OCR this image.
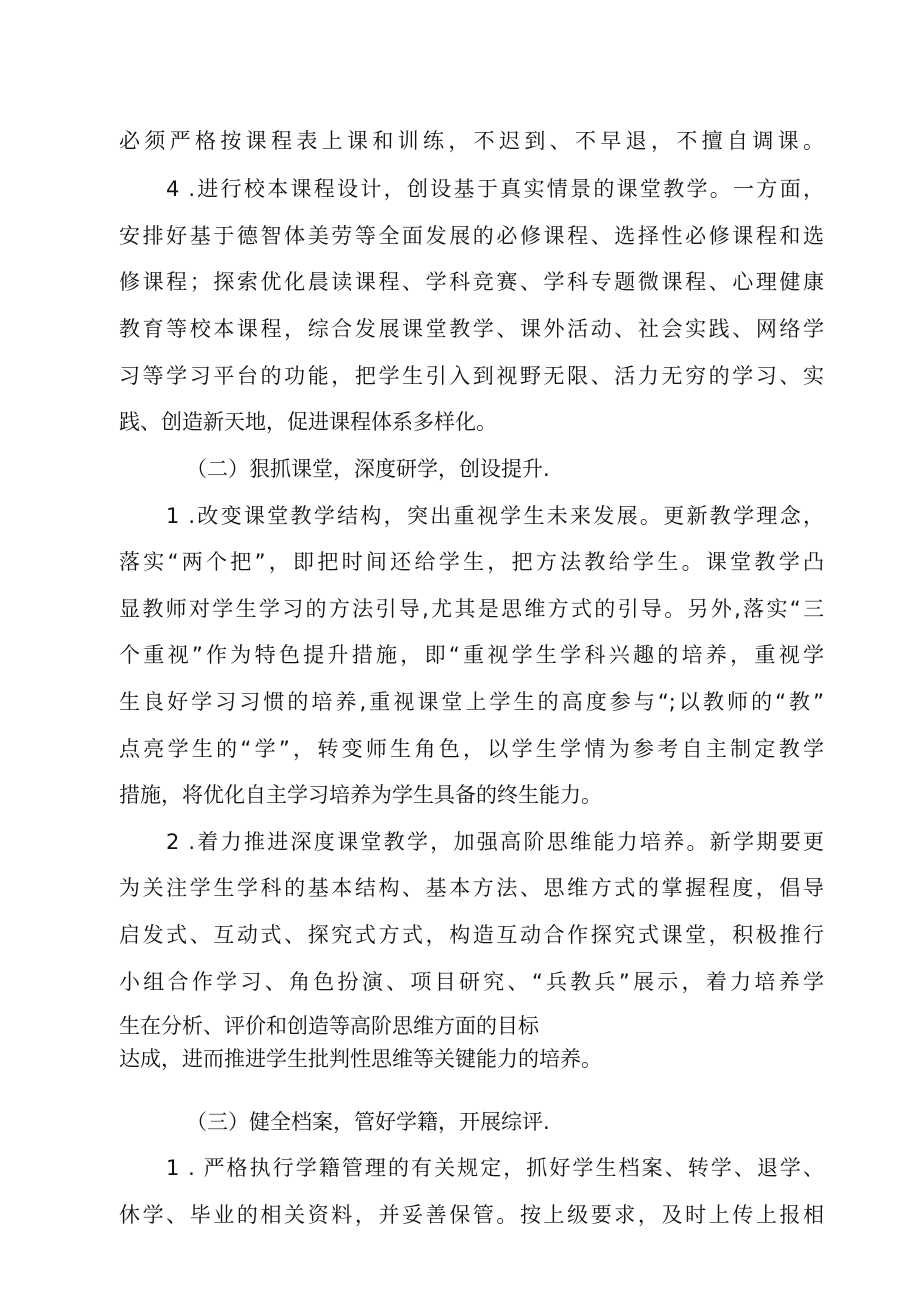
必须严格按课程表上课和训练，不迟到、不早退，不擅自调课。
4 .进行校本课程设计，创设基于真实情景的课堂教学。一方面，
安排好基于德智体美劳等全面发展的必修课程、选择性必修课程和选
修课程；探索优化晨读课程、学科竞赛、学科专题微课程、心理健康
教育等校本课程，综合发展课堂教学、课外活动、社会实践、网络学
习等学习平台的功能，把学生引入到视野无限、活力无穷的学习、实
践、创造新天地，促进课程体系多样化。
（二）狠抓课堂，深度研学，创设提升.
1 .改变课堂教学结构，突出重视学生未来发展。更新教学理念，
落实“两个把”，即把时间还给学生，把方法教给学生。课堂教学凸
显教师对学生学习的方法引导,尤其是思维方式的引导。另外,落实“三
个重视”作为特色提升措施，即“重视学生学科兴趣的培养，重视学
生良好学习习惯的培养,重视课堂上学生的高度参与“;以教师的“教”
点亮学生的“学”，转变师生角色，以学生学情为参考自主制定教学
措施，将优化自主学习培养为学生具备的终生能力。
2 .着力推进深度课堂教学，加强高阶思维能力培养。新学期要更
为关注学生学科的基本结构、基本方法、思维方式的掌握程度，倡导
启发式、互动式、探究式方式，构造互动合作探究式课堂，积极推行
小组合作学习、角色扮演、项目研究、“兵教兵”展示，着力培养学
生在分析、评价和创造等高阶思维方面的目标
达成，进而推进学生批判性思维等关键能力的培养。
（三）健全档案，管好学籍，开展综评.
1 . 严格执行学籍管理的有关规定，抓好学生档案、转学、退学、
休学、毕业的相关资料，并妥善保管。按上级要求，及时上传上报相
